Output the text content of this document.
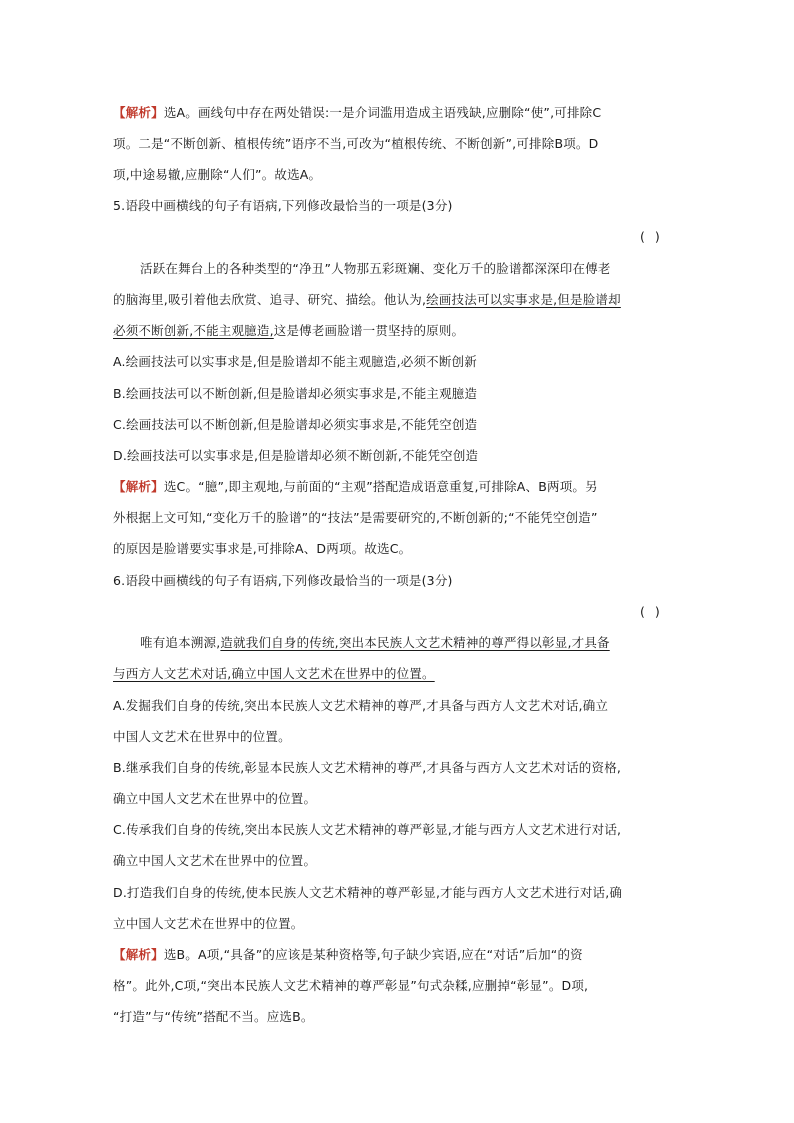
【解析】选A。画线句中存在两处错误:一是介词滥用造成主语残缺,应删除“使”,可排除C
项。二是“不断创新、植根传统”语序不当,可改为“植根传统、不断创新”,可排除B项。D
项,中途易辙,应删除“人们”。故选A。
5.语段中画横线的句子有语病,下列修改最恰当的一项是(3分)
()
活跃在舞台上的各种类型的“净丑”人物那五彩斑斓、变化万千的脸谱都深深印在傅老
的脑海里,吸引着他去欣赏、追寻、研究、描绘。他认为,绘画技法可以实事求是,但是脸谱却
必须不断创新,不能主观臆造,这是傅老画脸谱一贯坚持的原则。
A.绘画技法可以实事求是,但是脸谱却不能主观臆造,必须不断创新
B.绘画技法可以不断创新,但是脸谱却必须实事求是,不能主观臆造
C.绘画技法可以不断创新,但是脸谱却必须实事求是,不能凭空创造
D.绘画技法可以实事求是,但是脸谱却必须不断创新,不能凭空创造
【解析】选C。“臆”,即主观地,与前面的“主观”搭配造成语意重复,可排除A、B两项。另
外根据上文可知,“变化万千的脸谱”的“技法”是需要研究的,不断创新的;“不能凭空创造”
的原因是脸谱要实事求是,可排除A、D两项。故选C。
6.语段中画横线的句子有语病,下列修改最恰当的一项是(3分)
()
唯有追本溯源,造就我们自身的传统,突出本民族人文艺术精神的尊严得以彰显,才具备
与西方人文艺术对话,确立中国人文艺术在世界中的位置。
A.发掘我们自身的传统,突出本民族人文艺术精神的尊严,才具备与西方人文艺术对话,确立
中国人文艺术在世界中的位置。
B.继承我们自身的传统,彰显本民族人文艺术精神的尊严,才具备与西方人文艺术对话的资格,
确立中国人文艺术在世界中的位置。
C.传承我们自身的传统,突出本民族人文艺术精神的尊严彰显,才能与西方人文艺术进行对话,
确立中国人文艺术在世界中的位置。
D.打造我们自身的传统,使本民族人文艺术精神的尊严彰显,才能与西方人文艺术进行对话,确
立中国人文艺术在世界中的位置。
【解析】选B。A项,“具备”的应该是某种资格等,句子缺少宾语,应在“对话”后加“的资
格”。此外,C项,“突出本民族人文艺术精神的尊严彰显”句式杂糅,应删掉“彰显”。D项,
“打造”与“传统”搭配不当。应选B。
